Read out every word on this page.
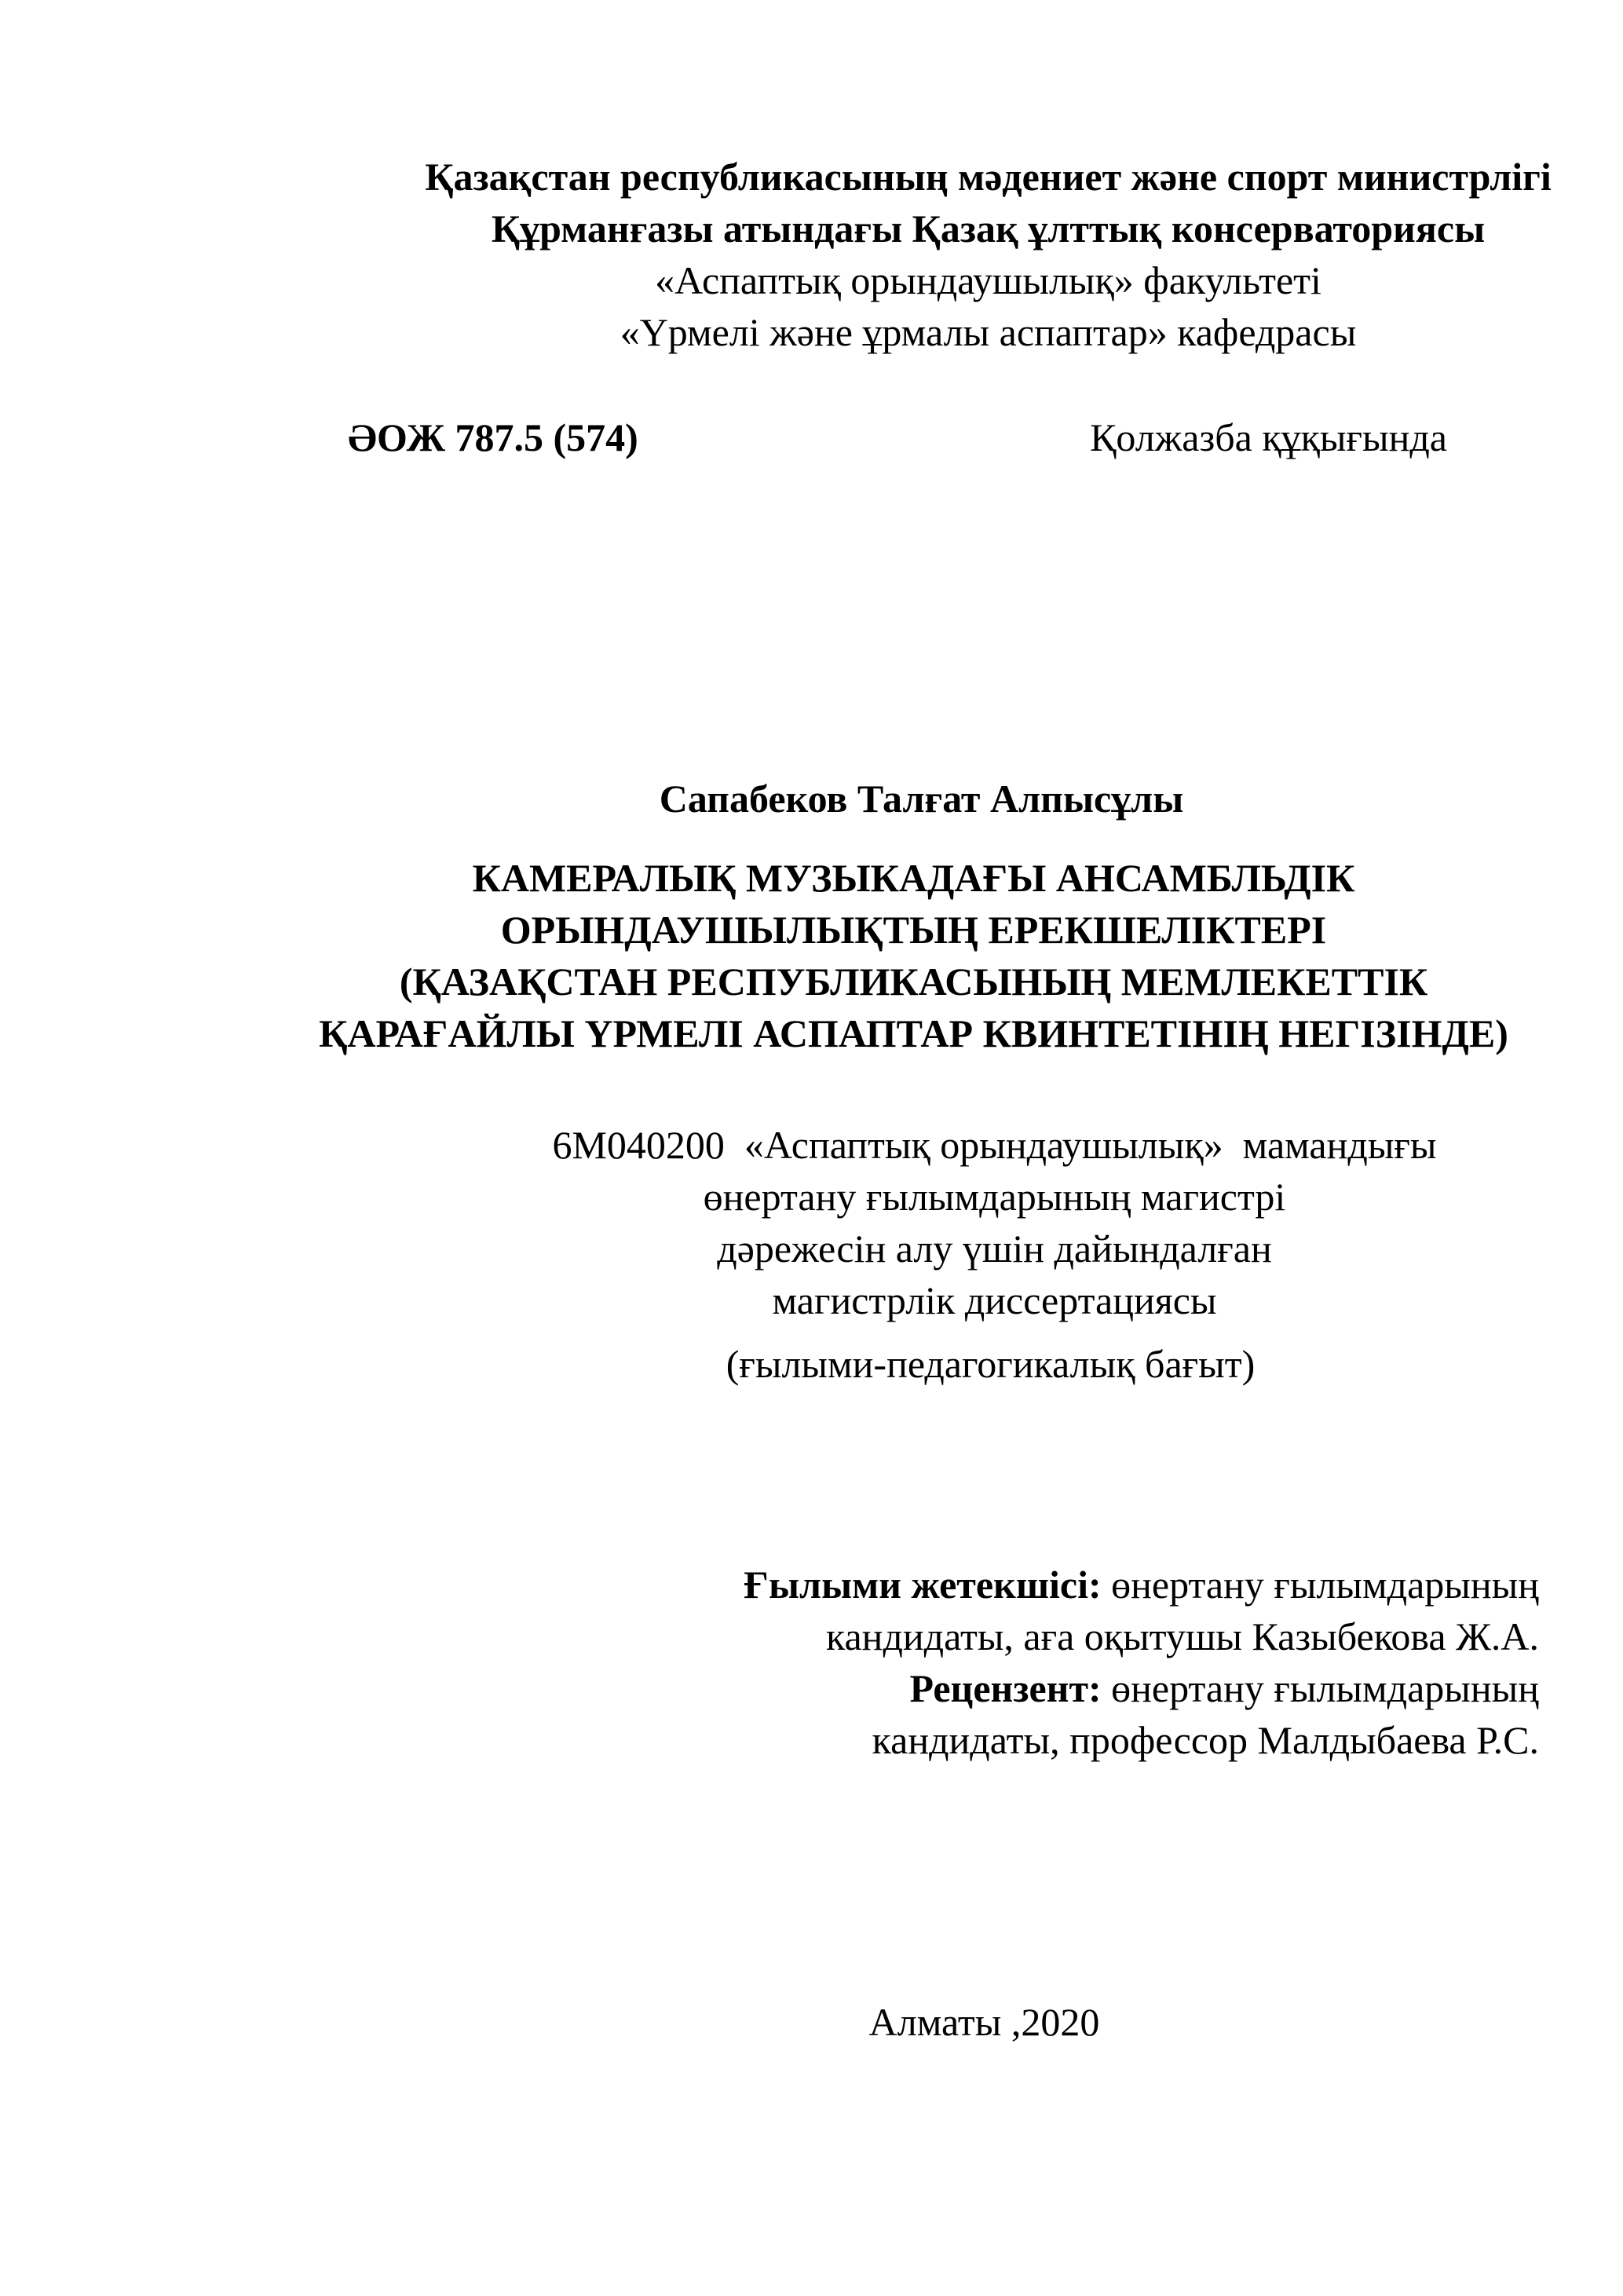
Қазақстан республикасының мәдениет және спорт министрлігі
Құрманғазы атындағы Қазақ ұлттық консерваториясы
«Аспаптық орындаушылық» факультеті
«Үрмелі және ұрмалы аспаптар» кафедрасы
ӘОЖ 787.5 (574)	Қолжазба құқығында
Сапабеков Талғат Алпысұлы
КАМЕРАЛЫҚ МУЗЫКАДАҒЫ АНСАМБЛЬДІК
ОРЫНДАУШЫЛЫҚТЫҢ ЕРЕКШЕЛІКТЕРІ
(ҚАЗАҚСТАН РЕСПУБЛИКАСЫНЫҢ МЕМЛЕКЕТТІК
ҚАРАҒАЙЛЫ ҮРМЕЛІ АСПАПТАР КВИНТЕТІНІҢ НЕГІЗІНДЕ)
6М040200  «Аспаптық орындаушылық»  мамандығы
өнертану ғылымдарының магистрі
дәрежесін алу үшін дайындалған
магистрлік диссертациясы
(ғылыми-педагогикалық бағыт)
Ғылыми жетекшісі: өнертану ғылымдарының
кандидаты, аға оқытушы Казыбекова Ж.А.
Рецензент: өнертану ғылымдарының
кандидаты, профессор Малдыбаева Р.С.
Алматы ,2020
